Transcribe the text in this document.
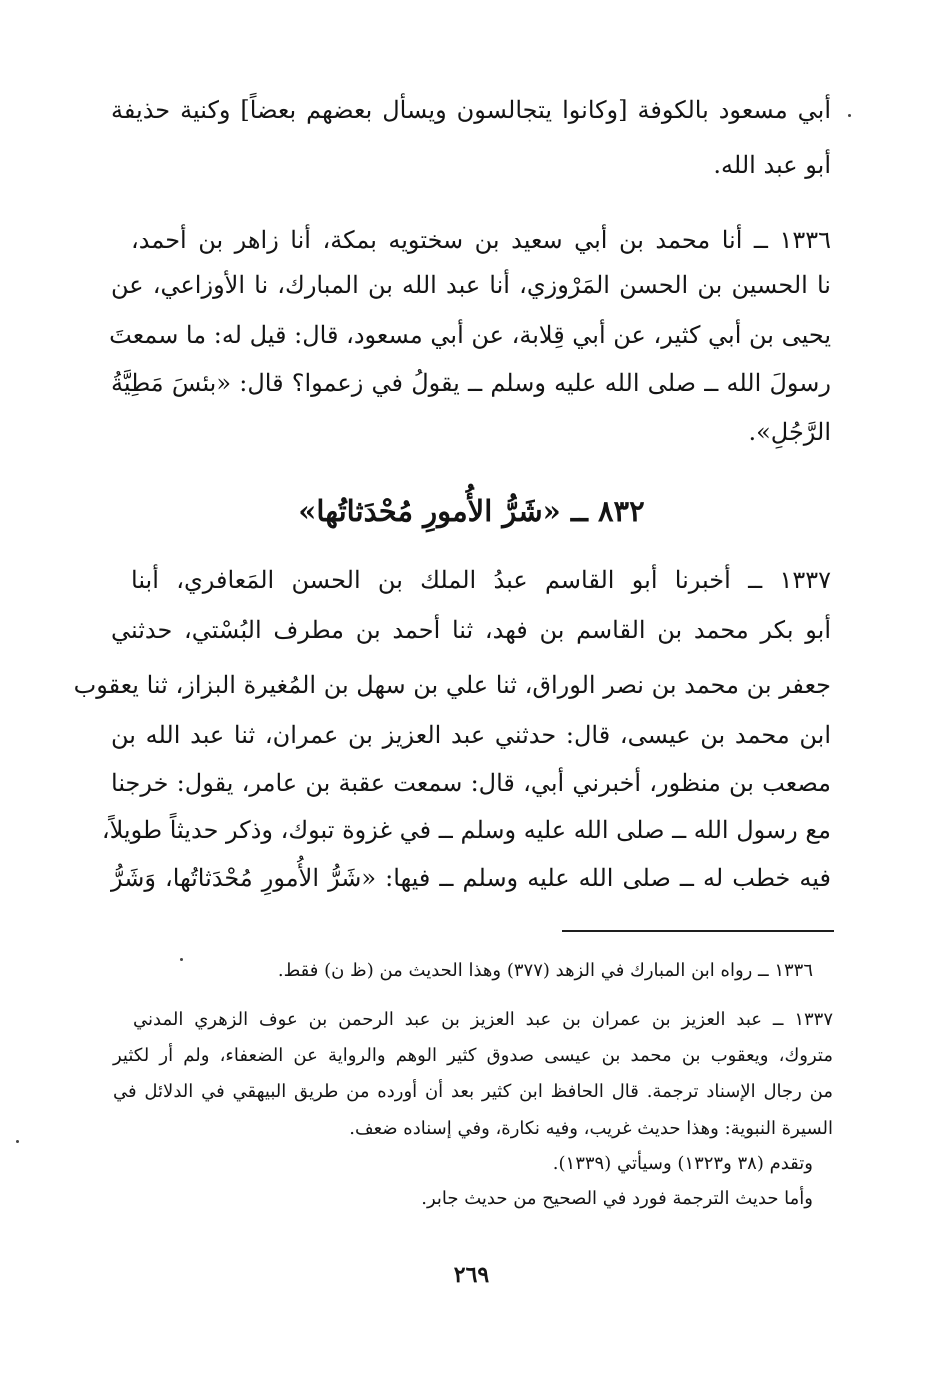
أبي مسعود بالكوفة [وكانوا يتجالسون ويسأل بعضهم بعضاً] وكنية حذيفة
أبو عبد الله.
١٣٣٦ ــ أنا محمد بن أبي سعيد بن سختويه بمكة، أنا زاهر بن أحمد،
نا الحسين بن الحسن المَرْوزي، أنا عبد الله بن المبارك، نا الأوزاعي، عن
يحيى بن أبي كثير، عن أبي قِلابة، عن أبي مسعود، قال: قيل له: ما سمعتَ
رسولَ الله ــ صلى الله عليه وسلم ــ يقولُ في زعموا؟ قال: «بئسَ مَطِيَّةُ
الرَّجُلِ».
٨٣٢ ــ «شَرُّ الأُمورِ مُحْدَثاتُها»
١٣٣٧ ــ أخبرنا أبو القاسم عبدُ الملك بن الحسن المَعافري، أبنا
أبو بكر محمد بن القاسم بن فهد، ثنا أحمد بن مطرف البُسْتي، حدثني
جعفر بن محمد بن نصر الوراق، ثنا علي بن سهل بن المُغيرة البزاز، ثنا يعقوب
ابن محمد بن عيسى، قال: حدثني عبد العزيز بن عمران، ثنا عبد الله بن
مصعب بن منظور، أخبرني أبي، قال: سمعت عقبة بن عامر، يقول: خرجنا
مع رسول الله ــ صلى الله عليه وسلم ــ في غزوة تبوك، وذكر حديثاً طويلاً،
فيه خطب له ــ صلى الله عليه وسلم ــ فيها: «شَرُّ الأُمورِ مُحْدَثاتُها، وَشَرُّ
١٣٣٦ ــ رواه ابن المبارك في الزهد (٣٧٧) وهذا الحديث من (ظ ن) فقط.
١٣٣٧ ــ عبد العزيز بن عمران بن عبد العزيز بن عبد الرحمن بن عوف الزهري المدني
متروك، ويعقوب بن محمد بن عيسى صدوق كثير الوهم والرواية عن الضعفاء، ولم أر لكثير
من رجال الإسناد ترجمة. قال الحافظ ابن كثير بعد أن أورده من طريق البيهقي في الدلائل في
السيرة النبوية: وهذا حديث غريب، وفيه نكارة، وفي إسناده ضعف.
وتقدم (٣٨ و١٣٢٣) وسيأتي (١٣٣٩).
وأما حديث الترجمة فورد في الصحيح من حديث جابر.
٢٦٩
